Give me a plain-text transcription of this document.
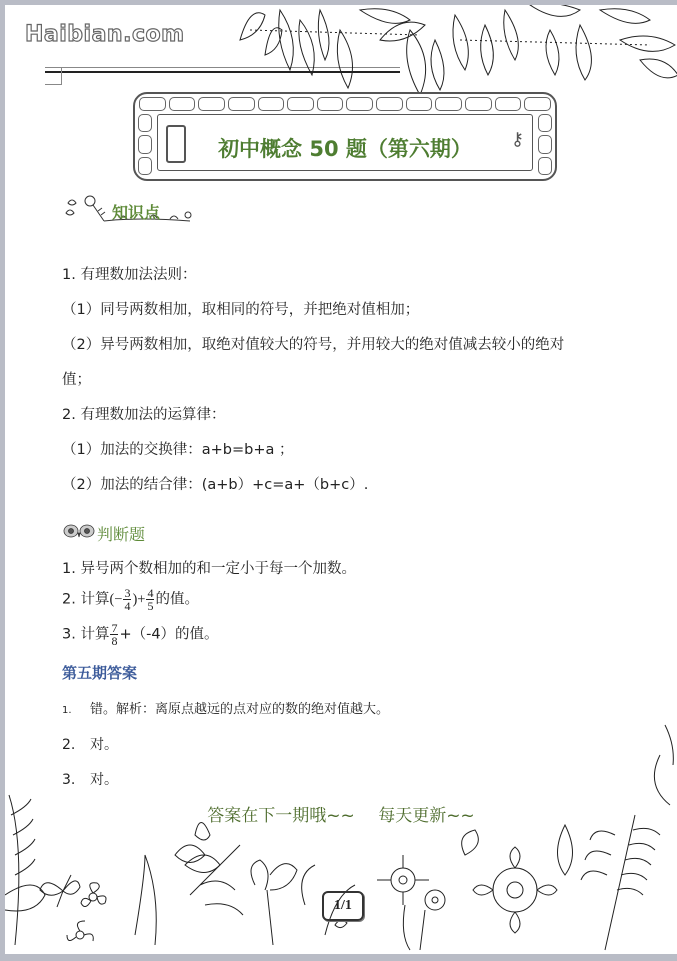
Haibian.com
初中概念 50 题（第六期）	⚷
知识点
1. 有理数加法法则：
（1）同号两数相加，取相同的符号，并把绝对值相加；
（2）异号两数相加，取绝对值较大的符号，并用较大的绝对值减去较小的绝对
值；
2. 有理数加法的运算律：
（1）加法的交换律：a+b=b+a ；
（2）加法的结合律：(a+b）+c=a+（b+c）.
判断题
1. 异号两个数相加的和一定小于每一个加数。
2. 计算(− $\frac{3}{4}$ )+ $\frac{4}{5}$ 的值。
3. 计算 $\frac{7}{8} +(-4)$的值。
第五期答案
1. 错。解析：离原点越远的点对应的数的绝对值越大。
2. 对。
3. 对。
答案在下一期哦~~ 每天更新~~
1/1
